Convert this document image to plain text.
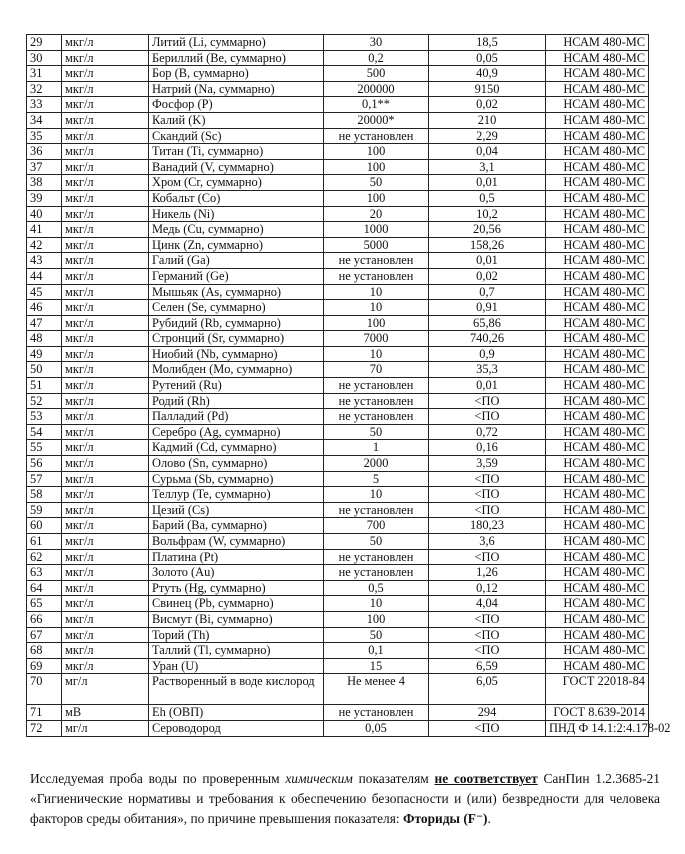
29	мкг/л	Литий (Li, суммарно)	30	18,5	НСАМ 480-МС
30	мкг/л	Бериллий (Be, суммарно)	0,2	0,05	НСАМ 480-МС
31	мкг/л	Бор (B, суммарно)	500	40,9	НСАМ 480-МС
32	мкг/л	Натрий (Na, суммарно)	200000	9150	НСАМ 480-МС
33	мкг/л	Фосфор (P)	0,1**	0,02	НСАМ 480-МС
34	мкг/л	Калий (K)	20000*	210	НСАМ 480-МС
35	мкг/л	Скандий (Sc)	не установлен	2,29	НСАМ 480-МС
36	мкг/л	Титан (Ti, суммарно)	100	0,04	НСАМ 480-МС
37	мкг/л	Ванадий (V, суммарно)	100	3,1	НСАМ 480-МС
38	мкг/л	Хром (Cr, суммарно)	50	0,01	НСАМ 480-МС
39	мкг/л	Кобальт (Co)	100	0,5	НСАМ 480-МС
40	мкг/л	Никель (Ni)	20	10,2	НСАМ 480-МС
41	мкг/л	Медь (Cu, суммарно)	1000	20,56	НСАМ 480-МС
42	мкг/л	Цинк (Zn, суммарно)	5000	158,26	НСАМ 480-МС
43	мкг/л	Галий (Ga)	не установлен	0,01	НСАМ 480-МС
44	мкг/л	Германий (Ge)	не установлен	0,02	НСАМ 480-МС
45	мкг/л	Мышьяк (As, суммарно)	10	0,7	НСАМ 480-МС
46	мкг/л	Селен (Se, суммарно)	10	0,91	НСАМ 480-МС
47	мкг/л	Рубидий (Rb, суммарно)	100	65,86	НСАМ 480-МС
48	мкг/л	Стронций (Sr, суммарно)	7000	740,26	НСАМ 480-МС
49	мкг/л	Ниобий (Nb, суммарно)	10	0,9	НСАМ 480-МС
50	мкг/л	Молибден (Mo, суммарно)	70	35,3	НСАМ 480-МС
51	мкг/л	Рутений (Ru)	не установлен	0,01	НСАМ 480-МС
52	мкг/л	Родий (Rh)	не установлен	<ПО	НСАМ 480-МС
53	мкг/л	Палладий (Pd)	не установлен	<ПО	НСАМ 480-МС
54	мкг/л	Серебро (Ag, суммарно)	50	0,72	НСАМ 480-МС
55	мкг/л	Кадмий (Cd, суммарно)	1	0,16	НСАМ 480-МС
56	мкг/л	Олово (Sn, суммарно)	2000	3,59	НСАМ 480-МС
57	мкг/л	Сурьма (Sb, суммарно)	5	<ПО	НСАМ 480-МС
58	мкг/л	Теллур (Te, суммарно)	10	<ПО	НСАМ 480-МС
59	мкг/л	Цезий (Cs)	не установлен	<ПО	НСАМ 480-МС
60	мкг/л	Барий (Ba, суммарно)	700	180,23	НСАМ 480-МС
61	мкг/л	Вольфрам (W, суммарно)	50	3,6	НСАМ 480-МС
62	мкг/л	Платина (Pt)	не установлен	<ПО	НСАМ 480-МС
63	мкг/л	Золото (Au)	не установлен	1,26	НСАМ 480-МС
64	мкг/л	Ртуть (Hg, суммарно)	0,5	0,12	НСАМ 480-МС
65	мкг/л	Свинец (Pb, суммарно)	10	4,04	НСАМ 480-МС
66	мкг/л	Висмут (Bi, суммарно)	100	<ПО	НСАМ 480-МС
67	мкг/л	Торий (Th)	50	<ПО	НСАМ 480-МС
68	мкг/л	Таллий (Tl, суммарно)	0,1	<ПО	НСАМ 480-МС
69	мкг/л	Уран (U)	15	6,59	НСАМ 480-МС
70	мг/л	Растворенный в воде кислород	Не менее 4	6,05	ГОСТ 22018-84
71	мВ	Eh (ОВП)	не установлен	294	ГОСТ 8.639-2014
72	мг/л	Сероводород	0,05	<ПО	ПНД Ф 14.1:2:4.178-02

Исследуемая проба воды по проверенным химическим показателям не соответствует СанПин 1.2.3685-21 «Гигиенические нормативы и требования к обеспечению безопасности и (или) безвредности для человека факторов среды обитания», по причине превышения показателя: Фториды (F⁻).
